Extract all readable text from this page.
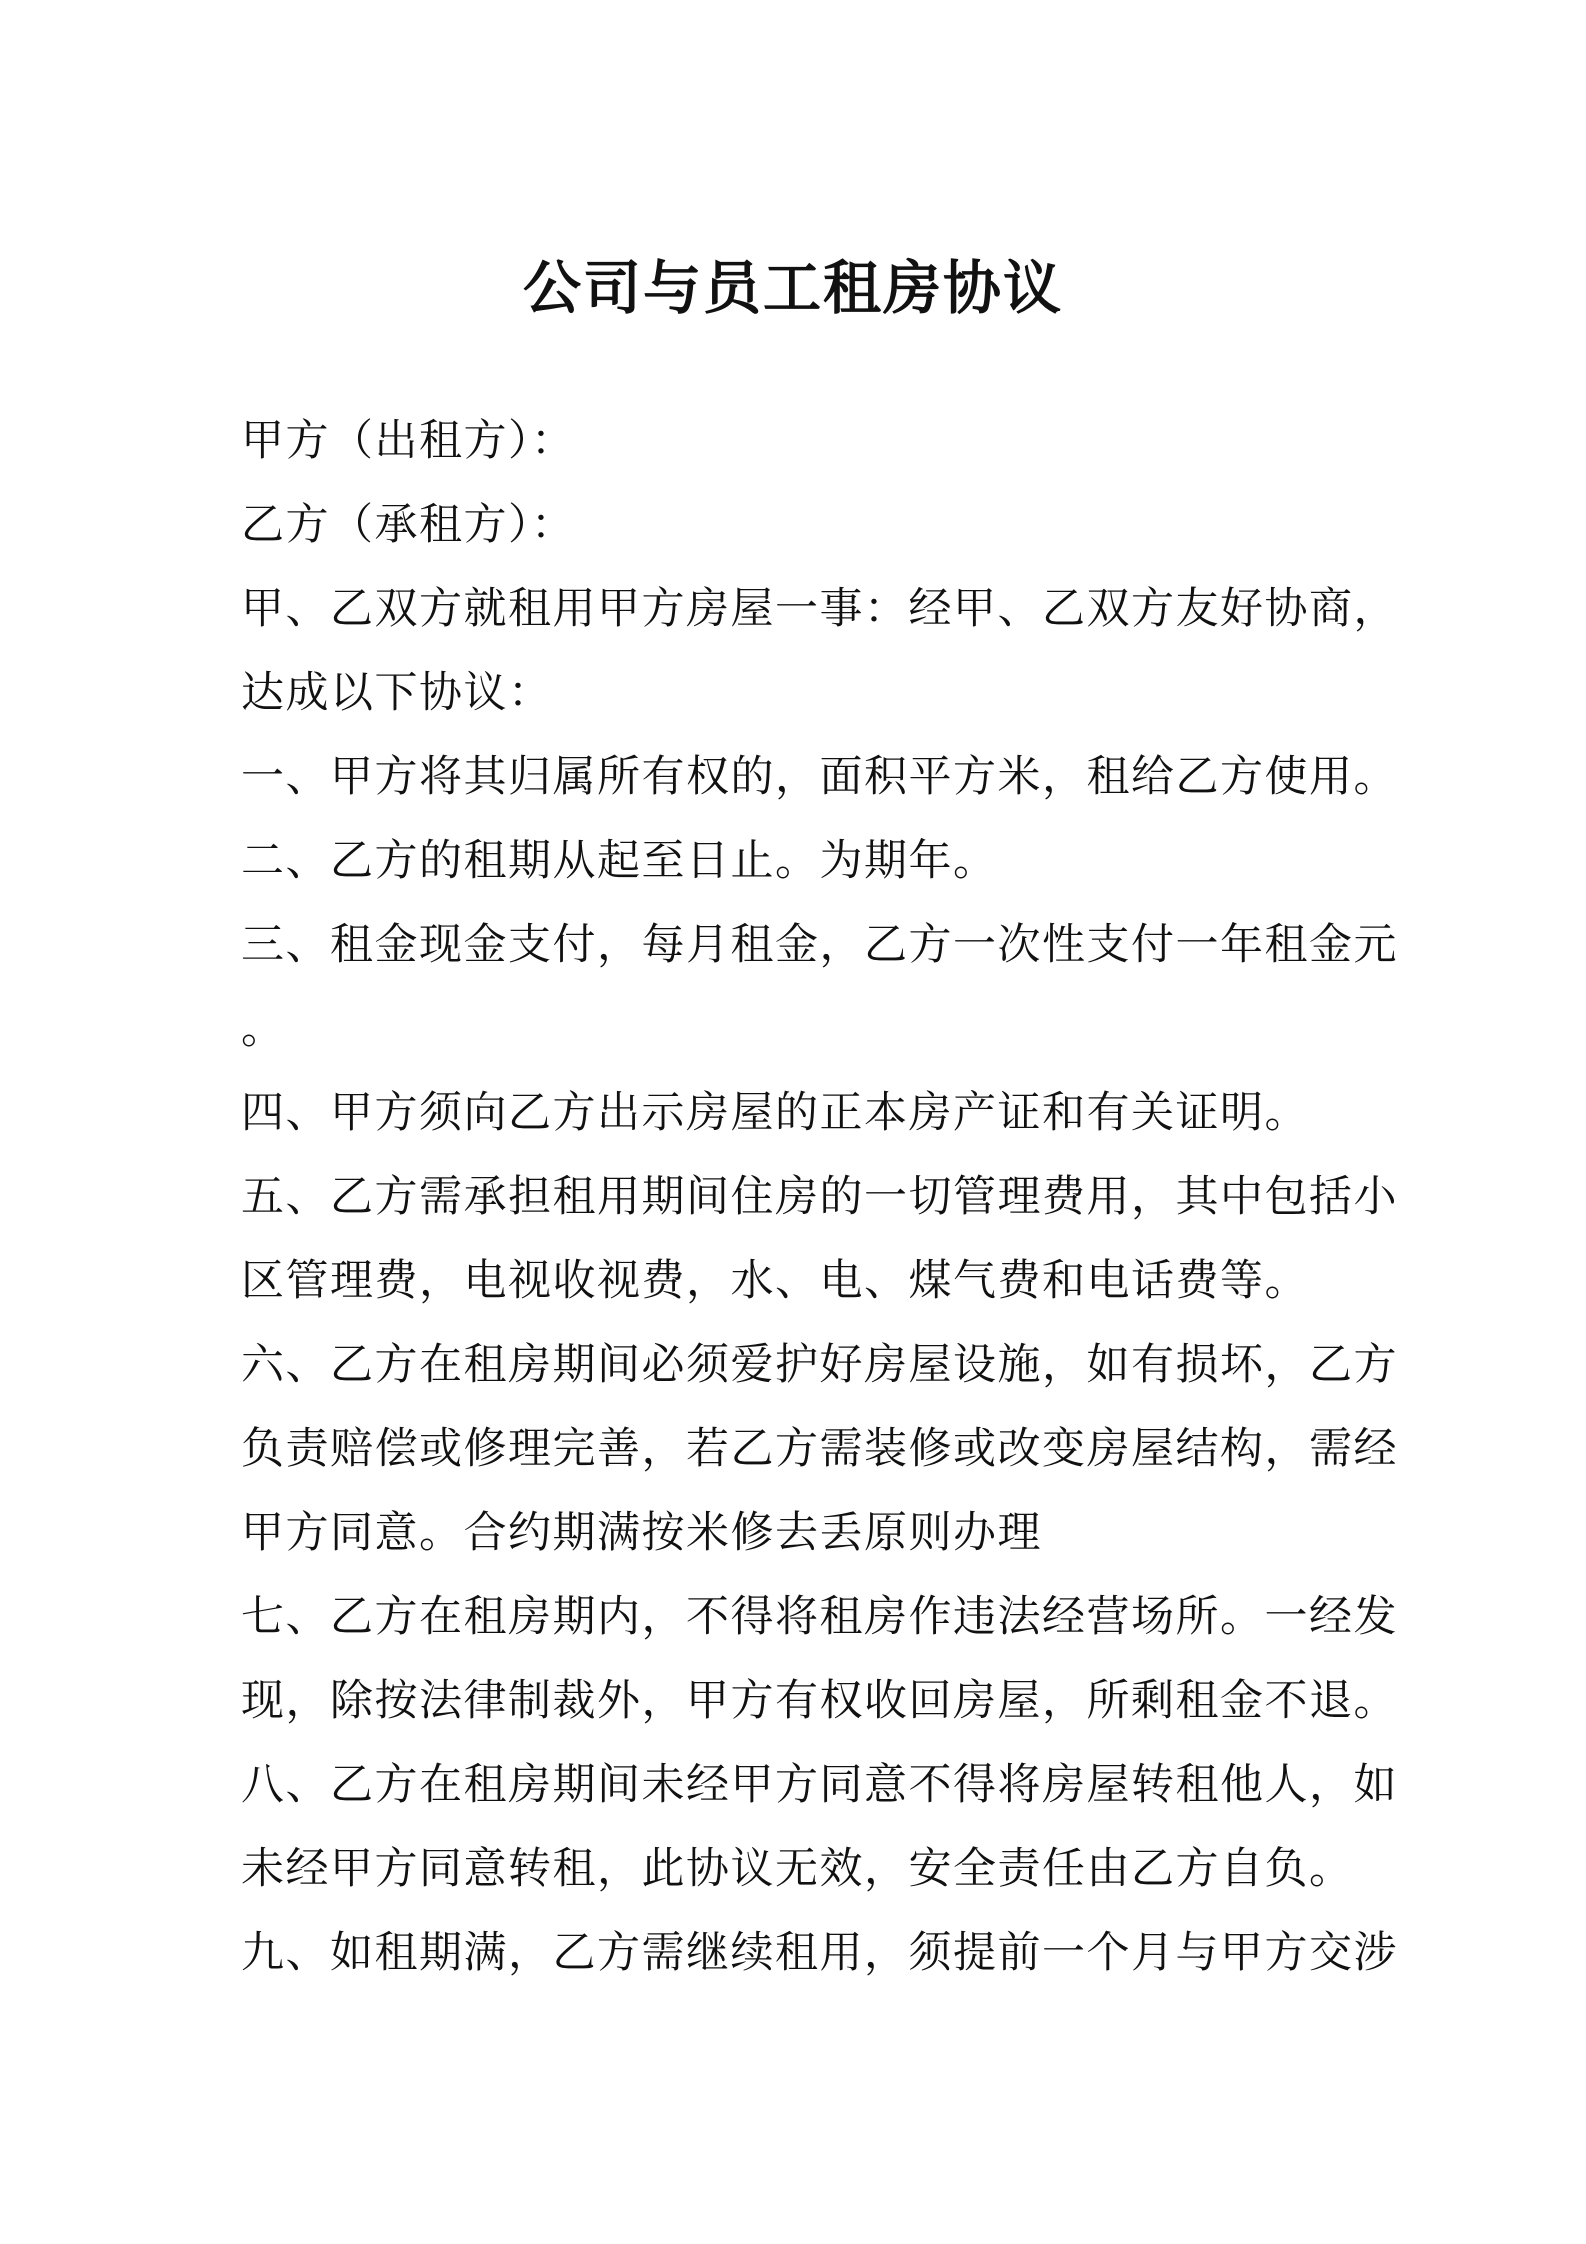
公司与员工租房协议
甲方（出租方）：
乙方（承租方）：
甲、乙双方就租用甲方房屋一事：经甲、乙双方友好协商，
达成以下协议：
一、甲方将其归属所有权的，面积平方米，租给乙方使用。
二、乙方的租期从起至日止。为期年。
三、租金现金支付，每月租金，乙方一次性支付一年租金元
。
四、甲方须向乙方出示房屋的正本房产证和有关证明。
五、乙方需承担租用期间住房的一切管理费用，其中包括小
区管理费，电视收视费，水、电、煤气费和电话费等。
六、乙方在租房期间必须爱护好房屋设施，如有损坏，乙方
负责赔偿或修理完善，若乙方需装修或改变房屋结构，需经
甲方同意。合约期满按米修去丢原则办理
七、乙方在租房期内，不得将租房作违法经营场所。一经发
现，除按法律制裁外，甲方有权收回房屋，所剩租金不退。
八、乙方在租房期间未经甲方同意不得将房屋转租他人，如
未经甲方同意转租，此协议无效，安全责任由乙方自负。
九、如租期满，乙方需继续租用，须提前一个月与甲方交涉
